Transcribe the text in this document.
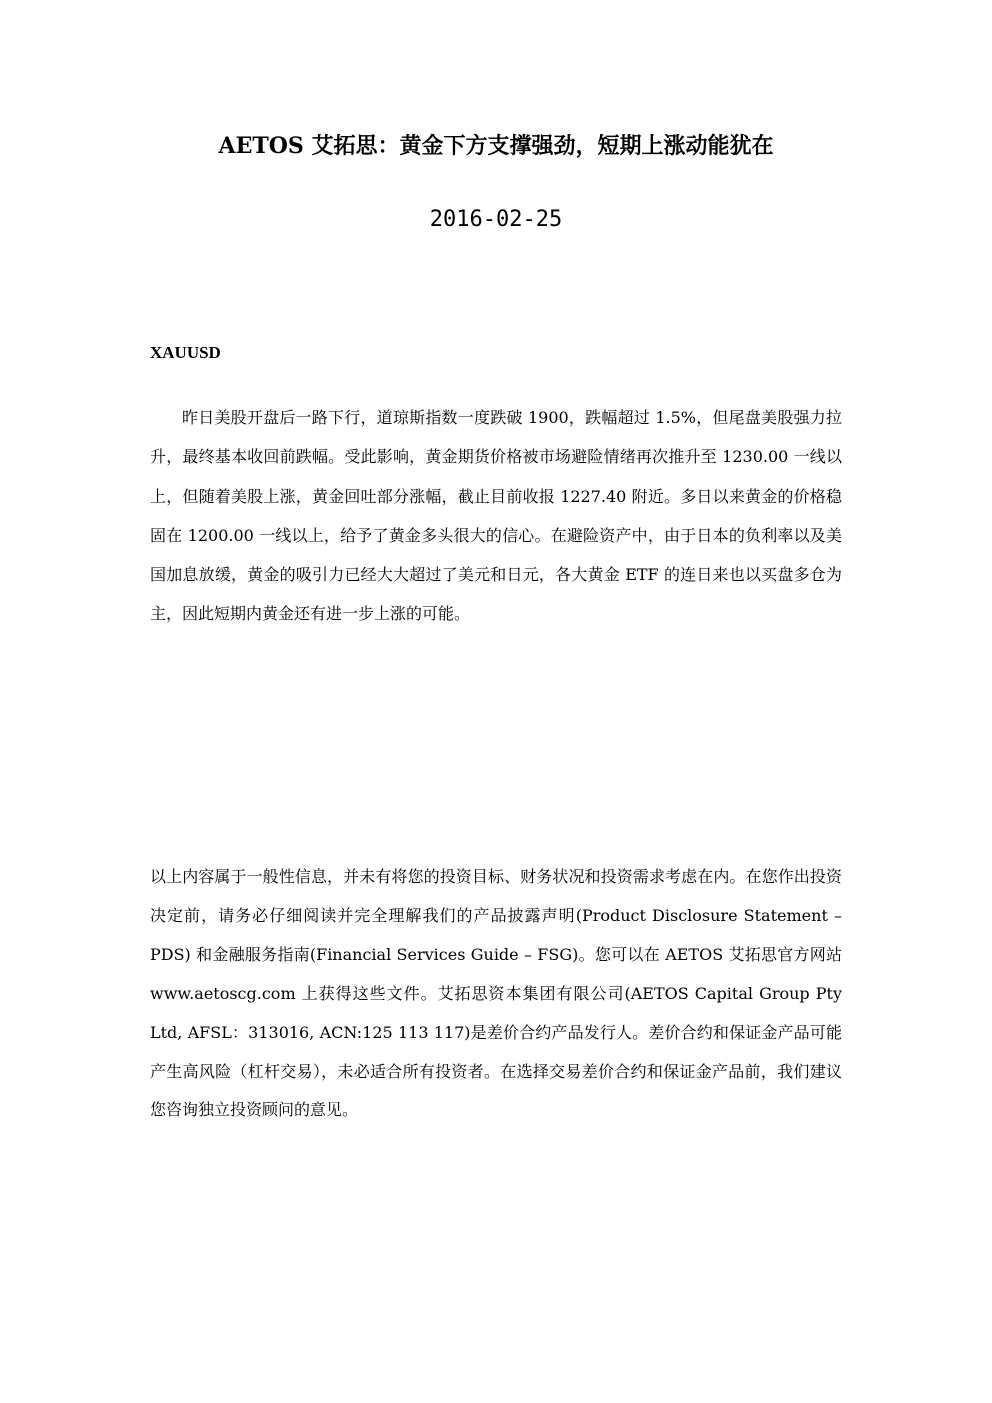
AETOS 艾拓思：黄金下方支撑强劲，短期上涨动能犹在
2016-02-25
XAUUSD

昨日美股开盘后一路下行，道琼斯指数一度跌破 1900，跌幅超过 1.5%，但尾盘美股强力拉升，最终基本收回前跌幅。受此影响，黄金期货价格被市场避险情绪再次推升至 1230.00 一线以上，但随着美股上涨，黄金回吐部分涨幅，截止目前收报 1227.40 附近。多日以来黄金的价格稳固在 1200.00 一线以上，给予了黄金多头很大的信心。在避险资产中，由于日本的负利率以及美国加息放缓，黄金的吸引力已经大大超过了美元和日元，各大黄金 ETF 的连日来也以买盘多仓为主，因此短期内黄金还有进一步上涨的可能。

以上内容属于一般性信息，并未有将您的投资目标、财务状况和投资需求考虑在内。在您作出投资决定前，请务必仔细阅读并完全理解我们的产品披露声明(Product Disclosure Statement – PDS) 和金融服务指南(Financial Services Guide – FSG)。您可以在 AETOS 艾拓思官方网站 www.aetoscg.com 上获得这些文件。艾拓思资本集团有限公司(AETOS Capital Group Pty Ltd, AFSL：313016, ACN:125 113 117)是差价合约产品发行人。差价合约和保证金产品可能产生高风险（杠杆交易），未必适合所有投资者。在选择交易差价合约和保证金产品前，我们建议您咨询独立投资顾问的意见。
